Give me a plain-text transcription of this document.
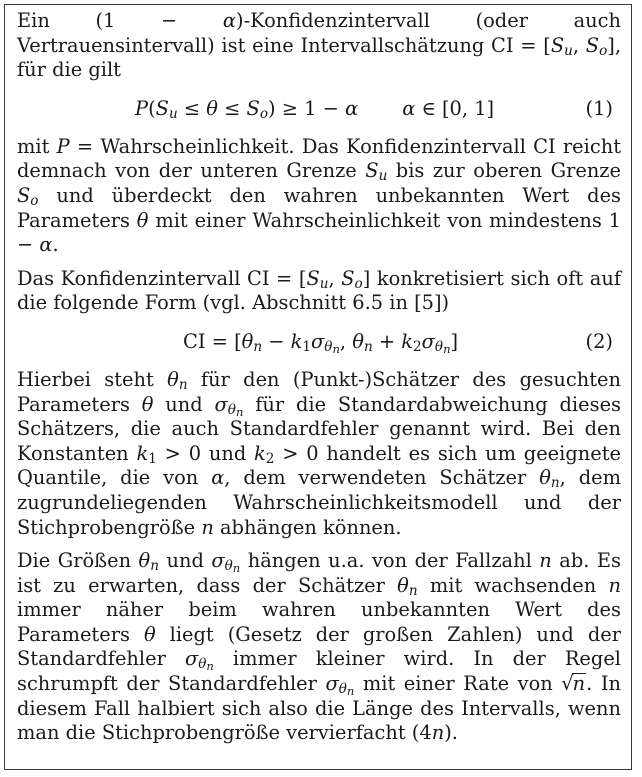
Ein (1 − α)-Konfidenzintervall (oder auch Vertrauensintervall) ist eine Intervallschätzung CI = [$S_u$, $S_o$], für die gilt

$P(S_u \le \theta \le S_o) \ge 1 - \alpha$ α ∈ [0, 1]	(1)

mit P = Wahrscheinlichkeit. Das Konfidenzintervall CI reicht demnach von der unteren Grenze $S_u$ bis zur oberen Grenze $S_o$ und überdeckt den wahren unbekannten Wert des Parameters θ mit einer Wahrscheinlichkeit von mindestens 1 − α.

Das Konfidenzintervall CI = [$S_u$, $S_o$] konkretisiert sich oft auf die folgende Form (vgl. Abschnitt 6.5 in [5])

CI = [$\theta_n - k_1\sigma_{\theta_n}$, $\theta_n + k_2\sigma_{\theta_n}$]	(2)

Hierbei steht $\theta_n$ für den (Punkt-)Schätzer des gesuchten Parameters θ und $\sigma_{\theta_n}$ für die Standardabweichung dieses Schätzers, die auch Standardfehler genannt wird. Bei den Konstanten $k_1 > 0$ und $k_2 > 0$ handelt es sich um geeignete Quantile, die von α, dem verwendeten Schätzer $\theta_n$, dem zugrundeliegenden Wahrscheinlichkeitsmodell und der Stichprobengröße n abhängen können.

Die Größen $\theta_n$ und $\sigma_{\theta_n}$ hängen u.a. von der Fallzahl n ab. Es ist zu erwarten, dass der Schätzer $\theta_n$ mit wachsenden n immer näher beim wahren unbekannten Wert des Parameters θ liegt (Gesetz der großen Zahlen) und der Standardfehler $\sigma_{\theta_n}$ immer kleiner wird. In der Regel schrumpft der Standardfehler $\sigma_{\theta_n}$ mit einer Rate von √n. In diesem Fall halbiert sich also die Länge des Intervalls, wenn man die Stichprobengröße vervierfacht (4n).
